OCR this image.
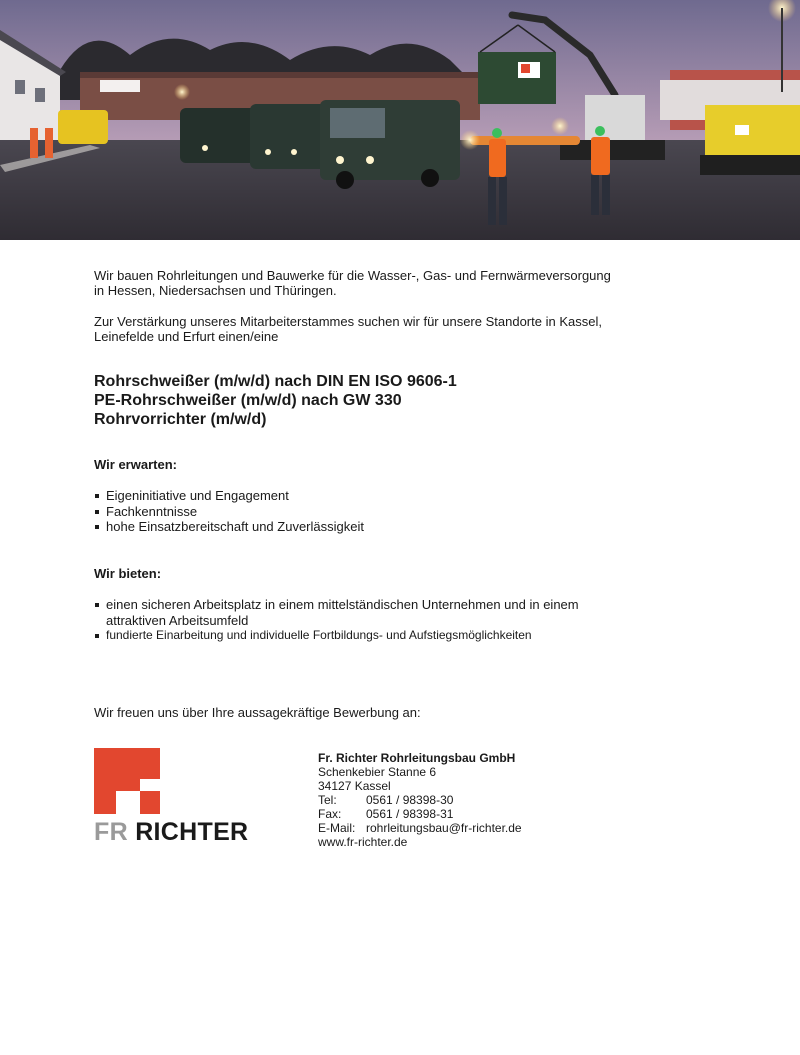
Wir bauen Rohrleitungen und Bauwerke für die Wasser-, Gas- und Fernwärmeversorgung
in Hessen, Niedersachsen und Thüringen.
Zur Verstärkung unseres Mitarbeiterstammes suchen wir für unsere Standorte in Kassel,
Leinefelde und Erfurt einen/eine
Rohrschweißer (m/w/d) nach DIN EN ISO 9606-1
PE-Rohrschweißer (m/w/d) nach GW 330
Rohrvorrichter (m/w/d)
Wir erwarten:
Eigeninitiative und Engagement
Fachkenntnisse
hohe Einsatzbereitschaft und Zuverlässigkeit
Wir bieten:
einen sicheren Arbeitsplatz in einem mittelständischen Unternehmen und in einem
attraktiven Arbeitsumfeld
fundierte Einarbeitung und individuelle Fortbildungs- und Aufstiegsmöglichkeiten
Wir freuen uns über Ihre aussagekräftige Bewerbung an:
FR RICHTER
Fr. Richter Rohrleitungsbau GmbH
Schenkebier Stanne 6
34127 Kassel
Tel: 0561 / 98398-30
Fax: 0561 / 98398-31
E-Mail: rohrleitungsbau@fr-richter.de
www.fr-richter.de
